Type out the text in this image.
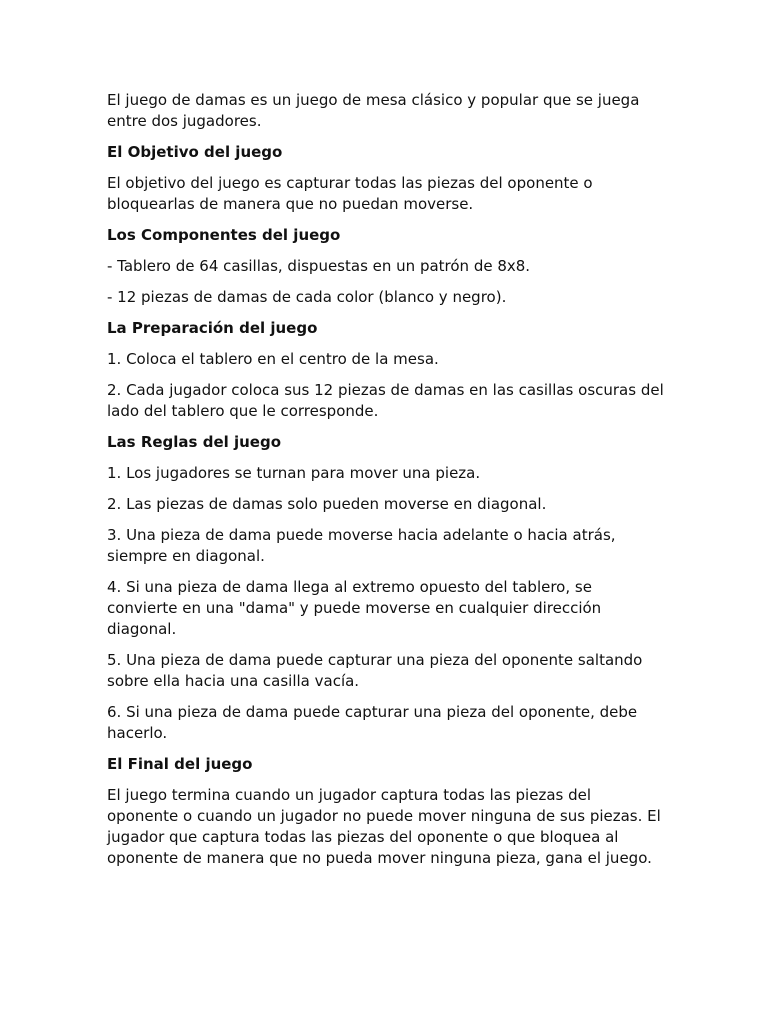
El juego de damas es un juego de mesa clásico y popular que se juega entre dos jugadores.

El Objetivo del juego

El objetivo del juego es capturar todas las piezas del oponente o bloquearlas de manera que no puedan moverse.

Los Componentes del juego

- Tablero de 64 casillas, dispuestas en un patrón de 8x8.

- 12 piezas de damas de cada color (blanco y negro).

La Preparación del juego

1. Coloca el tablero en el centro de la mesa.

2. Cada jugador coloca sus 12 piezas de damas en las casillas oscuras del lado del tablero que le corresponde.

Las Reglas del juego

1. Los jugadores se turnan para mover una pieza.

2. Las piezas de damas solo pueden moverse en diagonal.

3. Una pieza de dama puede moverse hacia adelante o hacia atrás, siempre en diagonal.

4. Si una pieza de dama llega al extremo opuesto del tablero, se convierte en una "dama" y puede moverse en cualquier dirección diagonal.

5. Una pieza de dama puede capturar una pieza del oponente saltando sobre ella hacia una casilla vacía.

6. Si una pieza de dama puede capturar una pieza del oponente, debe hacerlo.

El Final del juego

El juego termina cuando un jugador captura todas las piezas del oponente o cuando un jugador no puede mover ninguna de sus piezas. El jugador que captura todas las piezas del oponente o que bloquea al oponente de manera que no pueda mover ninguna pieza, gana el juego.
